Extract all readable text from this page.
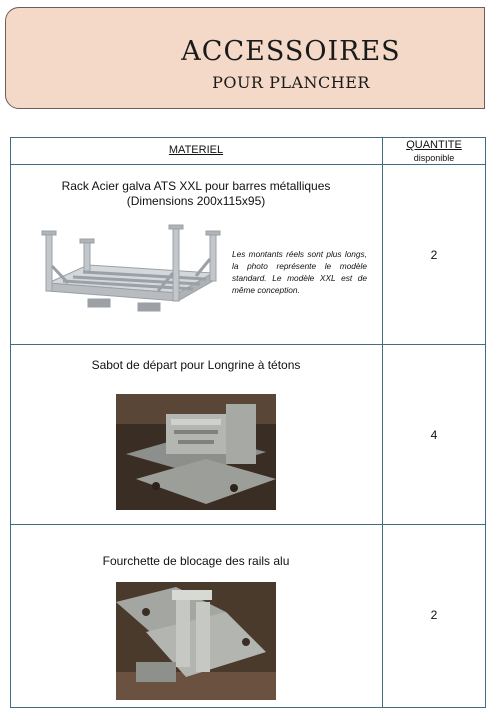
ACCESSOIRES
POUR PLANCHER
MATERIEL	QUANTITE
disponible
Rack Acier galva ATS XXL pour barres métalliques
(Dimensions 200x115x95)
Les montants réels sont plus longs, la photo représente le modèle standard. Le modèle XXL est de même conception.
2
Sabot de départ pour Longrine à tétons
4
Fourchette de blocage des rails alu
2
